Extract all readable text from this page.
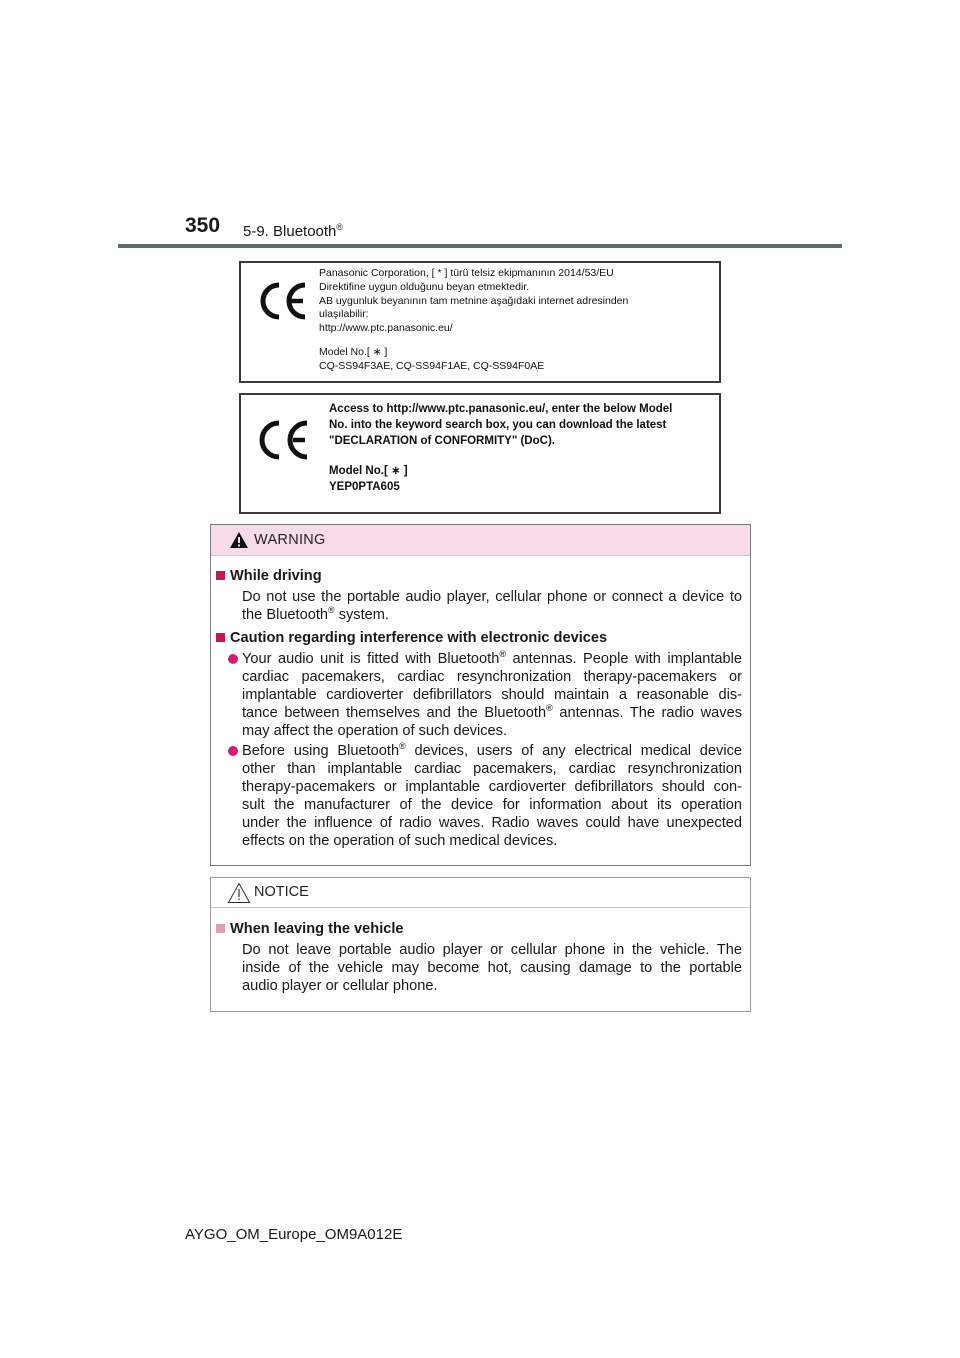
350 5-9. Bluetooth®
Panasonic Corporation, [ * ] türü telsiz ekipmanının 2014/53/EU
Direktifine uygun olduğunu beyan etmektedir.
AB uygunluk beyanının tam metnine aşağıdaki internet adresinden
ulaşılabilir:
http://www.ptc.panasonic.eu/
Model No.[ ∗ ]
CQ-SS94F3AE, CQ-SS94F1AE, CQ-SS94F0AE
Access to http://www.ptc.panasonic.eu/, enter the below Model
No. into the keyword search box, you can download the latest
"DECLARATION of CONFORMITY" (DoC).
Model No.[ ∗ ]
YEP0PTA605
WARNING
While driving
Do not use the portable audio player, cellular phone or connect a device to
the Bluetooth® system.
Caution regarding interference with electronic devices
Your audio unit is fitted with Bluetooth® antennas. People with implantable
cardiac pacemakers, cardiac resynchronization therapy-pacemakers or
implantable cardioverter defibrillators should maintain a reasonable dis-
tance between themselves and the Bluetooth® antennas. The radio waves
may affect the operation of such devices.
Before using Bluetooth® devices, users of any electrical medical device
other than implantable cardiac pacemakers, cardiac resynchronization
therapy-pacemakers or implantable cardioverter defibrillators should con-
sult the manufacturer of the device for information about its operation
under the influence of radio waves. Radio waves could have unexpected
effects on the operation of such medical devices.
NOTICE
When leaving the vehicle
Do not leave portable audio player or cellular phone in the vehicle. The
inside of the vehicle may become hot, causing damage to the portable
audio player or cellular phone.
AYGO_OM_Europe_OM9A012E
